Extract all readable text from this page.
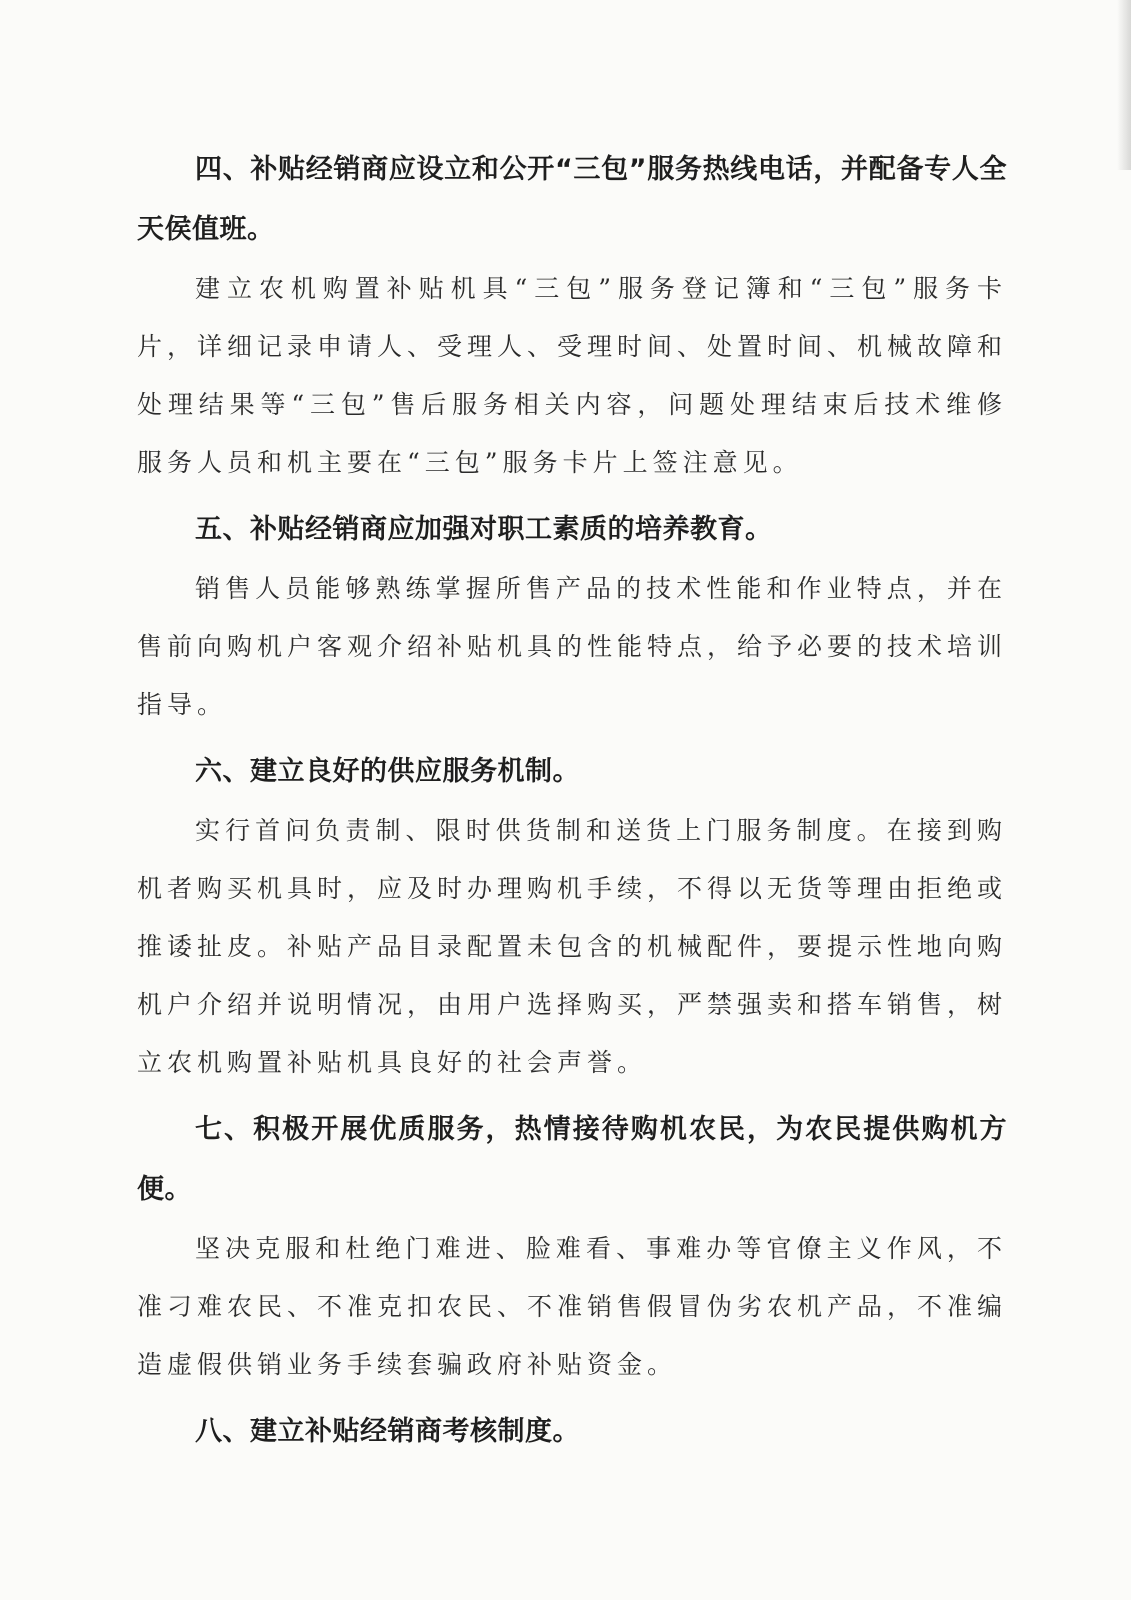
四、补贴经销商应设立和公开“三包”服务热线电话，并配备专人全天侯值班。

建立农机购置补贴机具“三包”服务登记簿和“三包”服务卡片，详细记录申请人、受理人、受理时间、处置时间、机械故障和处理结果等“三包”售后服务相关内容，问题处理结束后技术维修服务人员和机主要在“三包”服务卡片上签注意见。

五、补贴经销商应加强对职工素质的培养教育。

销售人员能够熟练掌握所售产品的技术性能和作业特点，并在售前向购机户客观介绍补贴机具的性能特点，给予必要的技术培训指导。

六、建立良好的供应服务机制。

实行首问负责制、限时供货制和送货上门服务制度。在接到购机者购买机具时，应及时办理购机手续，不得以无货等理由拒绝或推诿扯皮。补贴产品目录配置未包含的机械配件，要提示性地向购机户介绍并说明情况，由用户选择购买，严禁强卖和搭车销售，树立农机购置补贴机具良好的社会声誉。

七、积极开展优质服务，热情接待购机农民，为农民提供购机方便。

坚决克服和杜绝门难进、脸难看、事难办等官僚主义作风，不准刁难农民、不准克扣农民、不准销售假冒伪劣农机产品，不准编造虚假供销业务手续套骗政府补贴资金。

八、建立补贴经销商考核制度。
